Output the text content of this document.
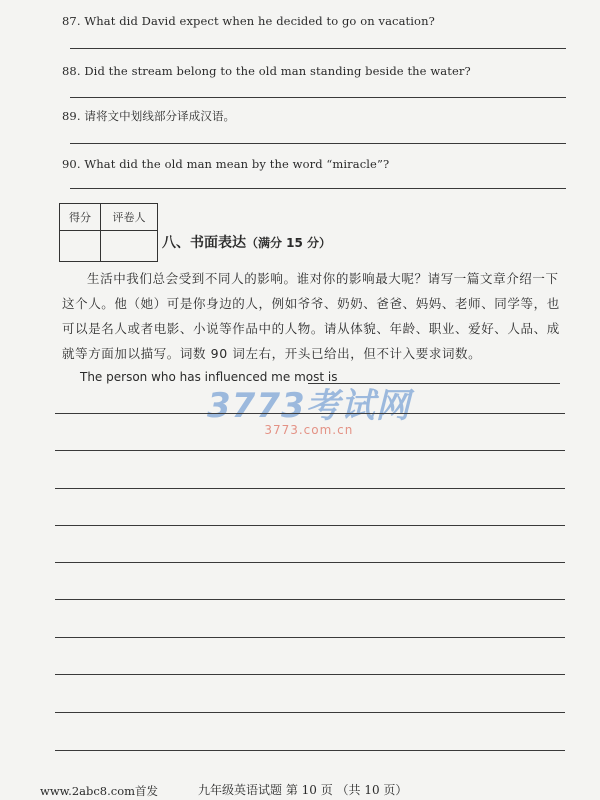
87. What did David expect when he decided to go on vacation?
88. Did the stream belong to the old man standing beside the water?
89. 请将文中划线部分译成汉语。
90. What did the old man mean by the word “miracle”?
得分	评卷人

八、书面表达（满分 15 分）
生活中我们总会受到不同人的影响。谁对你的影响最大呢？请写一篇文章介绍一下这个人。他（她）可是你身边的人，例如爷爷、奶奶、爸爸、妈妈、老师、同学等，也可以是名人或者电影、小说等作品中的人物。请从体貌、年龄、职业、爱好、人品、成就等方面加以描写。词数 90 词左右，开头已给出，但不计入要求词数。
The person who has influenced me most is
3773考试网
3773.com.cn
www.2abc8.com首发	九年级英语试题 第 10 页 （共 10 页）
